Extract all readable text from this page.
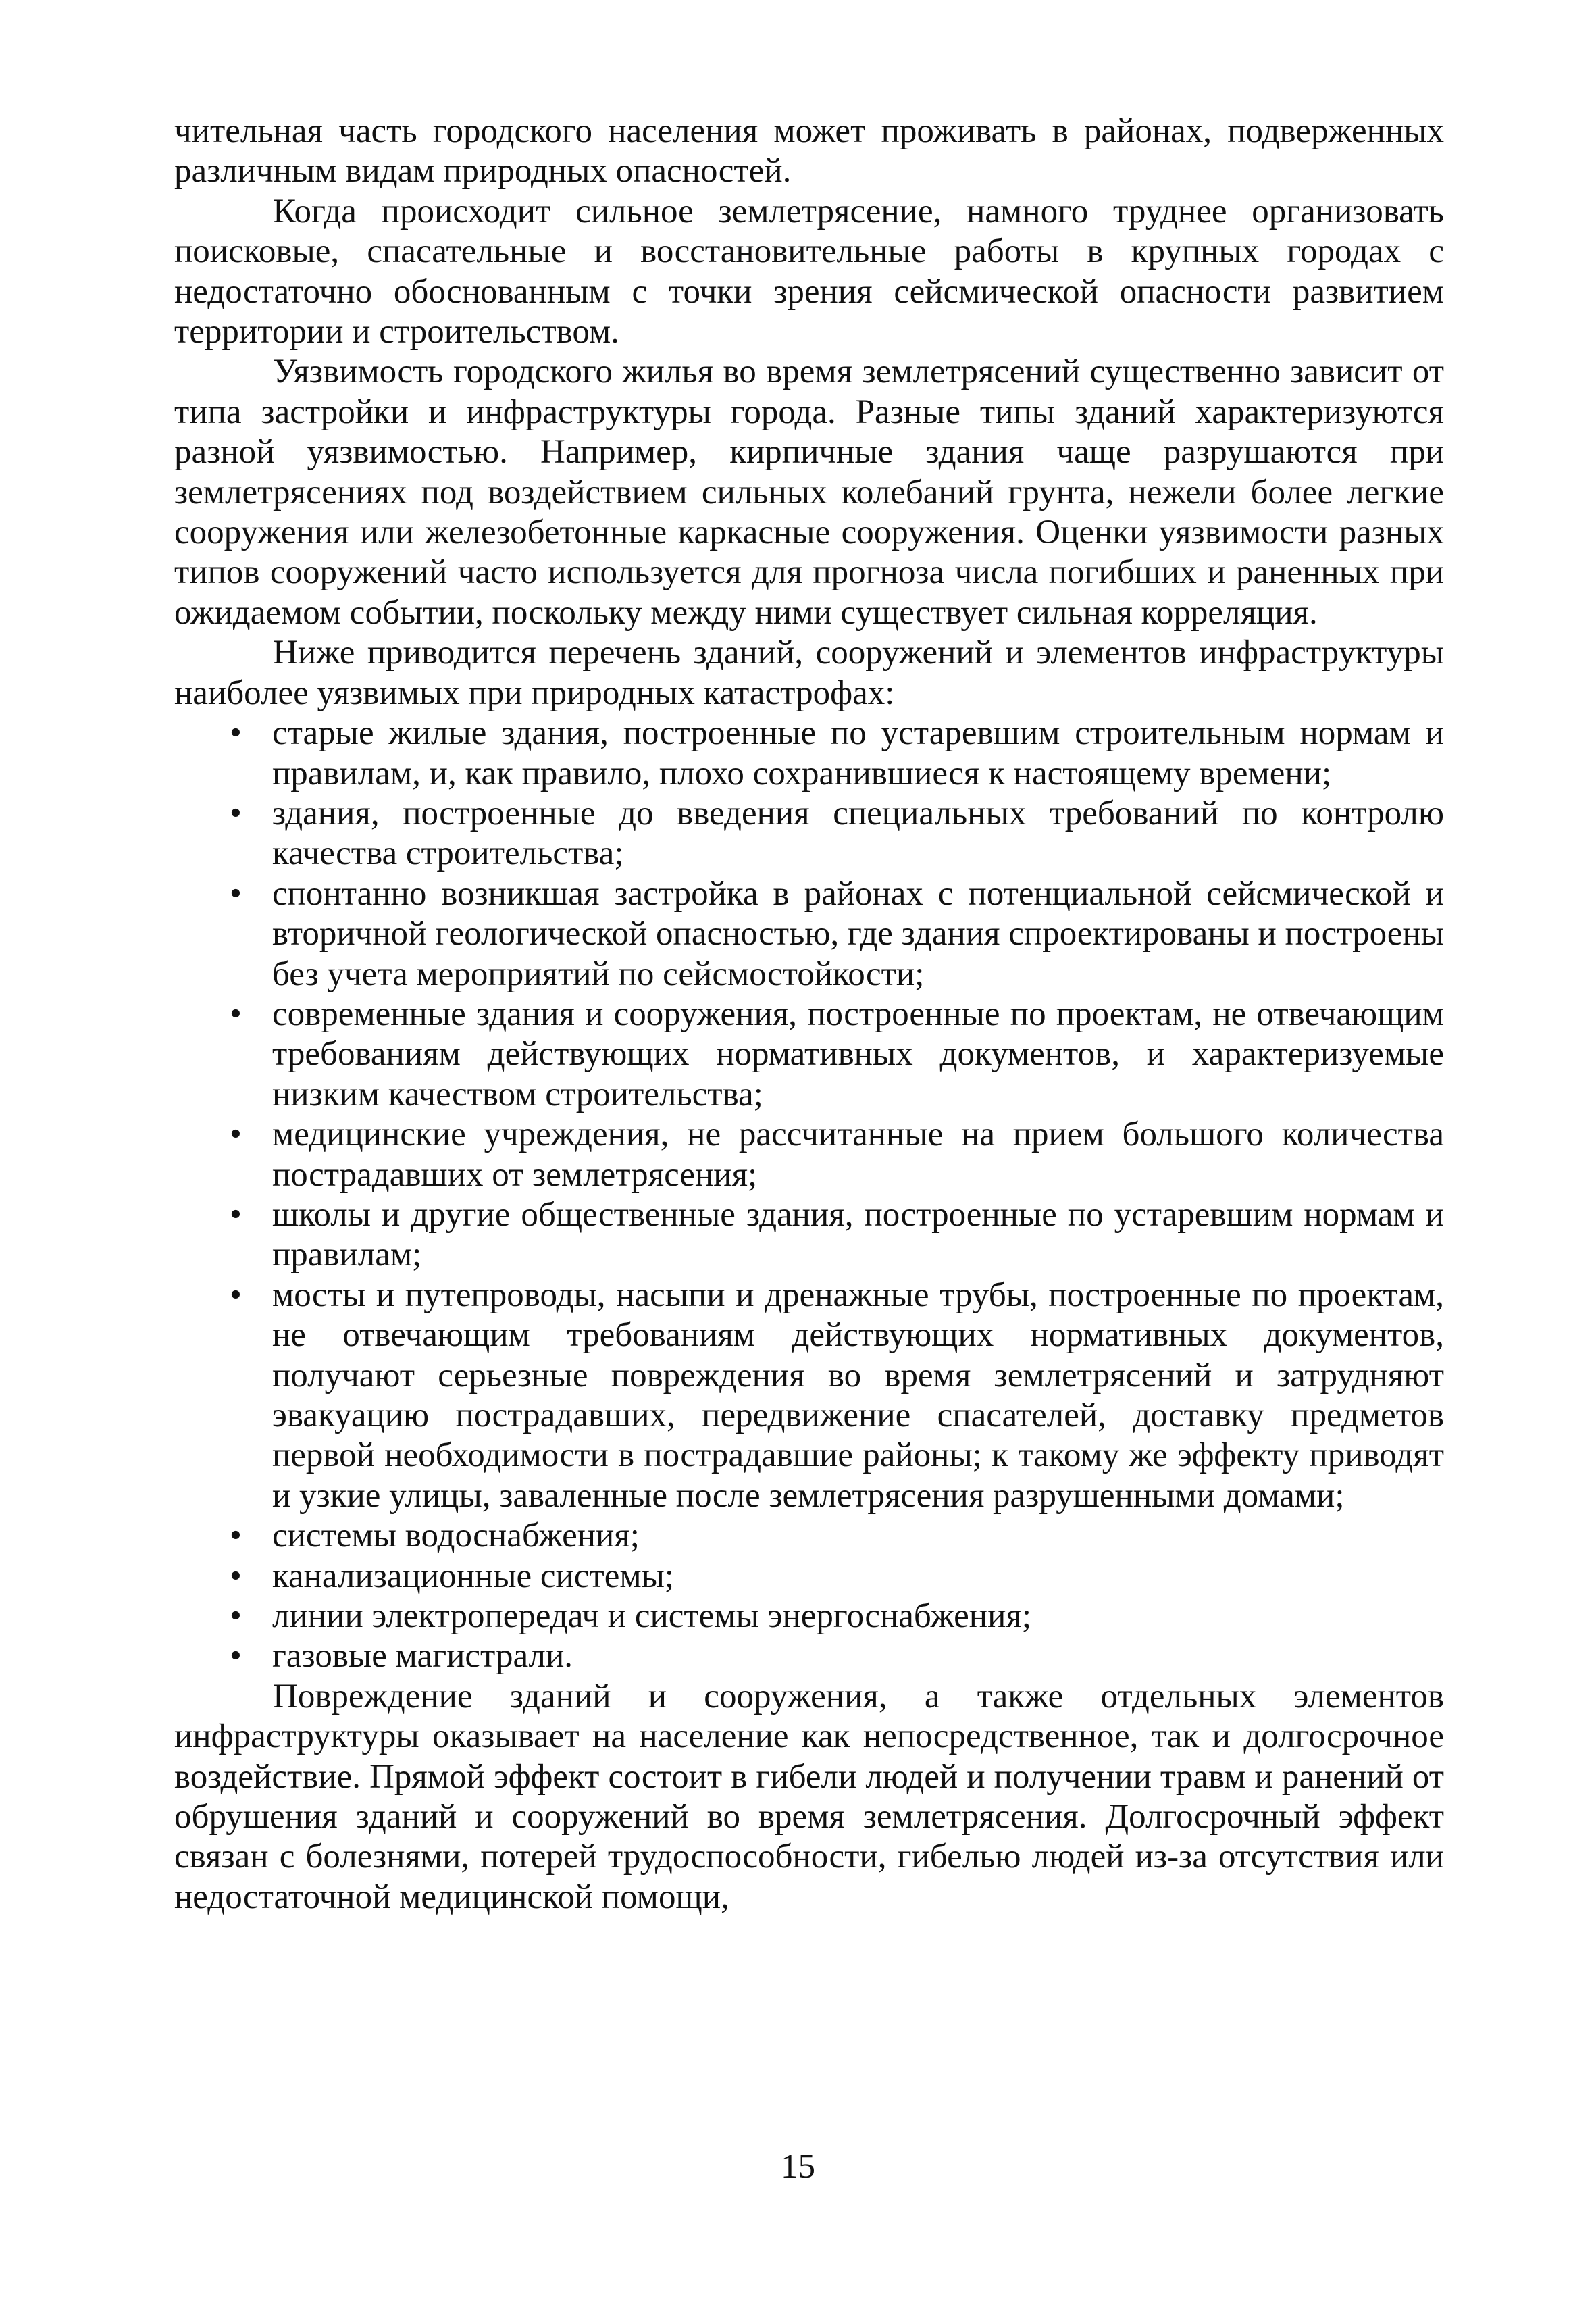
чительная часть городского населения может проживать в районах, подверженных различным видам природных опасностей.

Когда происходит сильное землетрясение, намного труднее организовать поисковые, спасательные и восстановительные работы в крупных городах с недостаточно обоснованным с точки зрения сейсмической опасности развитием территории и строительством.

Уязвимость городского жилья во время землетрясений существенно зависит от типа застройки и инфраструктуры города. Разные типы зданий характеризуются разной уязвимостью. Например, кирпичные здания чаще разрушаются при землетрясениях под воздействием сильных колебаний грунта, нежели более легкие сооружения или железобетонные каркасные сооружения. Оценки уязвимости разных типов сооружений часто используется для прогноза числа погибших и раненных при ожидаемом событии, поскольку между ними существует сильная корреляция.

Ниже приводится перечень зданий, сооружений и элементов инфраструктуры наиболее уязвимых при природных катастрофах:

• старые жилые здания, построенные по устаревшим строительным нормам и правилам, и, как правило, плохо сохранившиеся к настоящему времени;
• здания, построенные до введения специальных требований по контролю качества строительства;
• спонтанно возникшая застройка в районах с потенциальной сейсмической и вторичной геологической опасностью, где здания спроектированы и построены без учета мероприятий по сейсмостойкости;
• современные здания и сооружения, построенные по проектам, не отвечающим требованиям действующих нормативных документов, и характеризуемые низким качеством строительства;
• медицинские учреждения, не рассчитанные на прием большого количества пострадавших от землетрясения;
• школы и другие общественные здания, построенные по устаревшим нормам и правилам;
• мосты и путепроводы, насыпи и дренажные трубы, построенные по проектам, не отвечающим требованиям действующих нормативных документов, получают серьезные повреждения во время землетрясений и затрудняют эвакуацию пострадавших, передвижение спасателей, доставку предметов первой необходимости в пострадавшие районы; к такому же эффекту приводят и узкие улицы, заваленные после землетрясения разрушенными домами;
• системы водоснабжения;
• канализационные системы;
• линии электропередач и системы энергоснабжения;
• газовые магистрали.

Повреждение зданий и сооружения, а также отдельных элементов инфраструктуры оказывает на население как непосредственное, так и долгосрочное воздействие. Прямой эффект состоит в гибели людей и получении травм и ранений от обрушения зданий и сооружений во время землетрясения. Долгосрочный эффект связан с болезнями, потерей трудоспособности, гибелью людей из-за отсутствия или недостаточной медицинской помощи,

15
